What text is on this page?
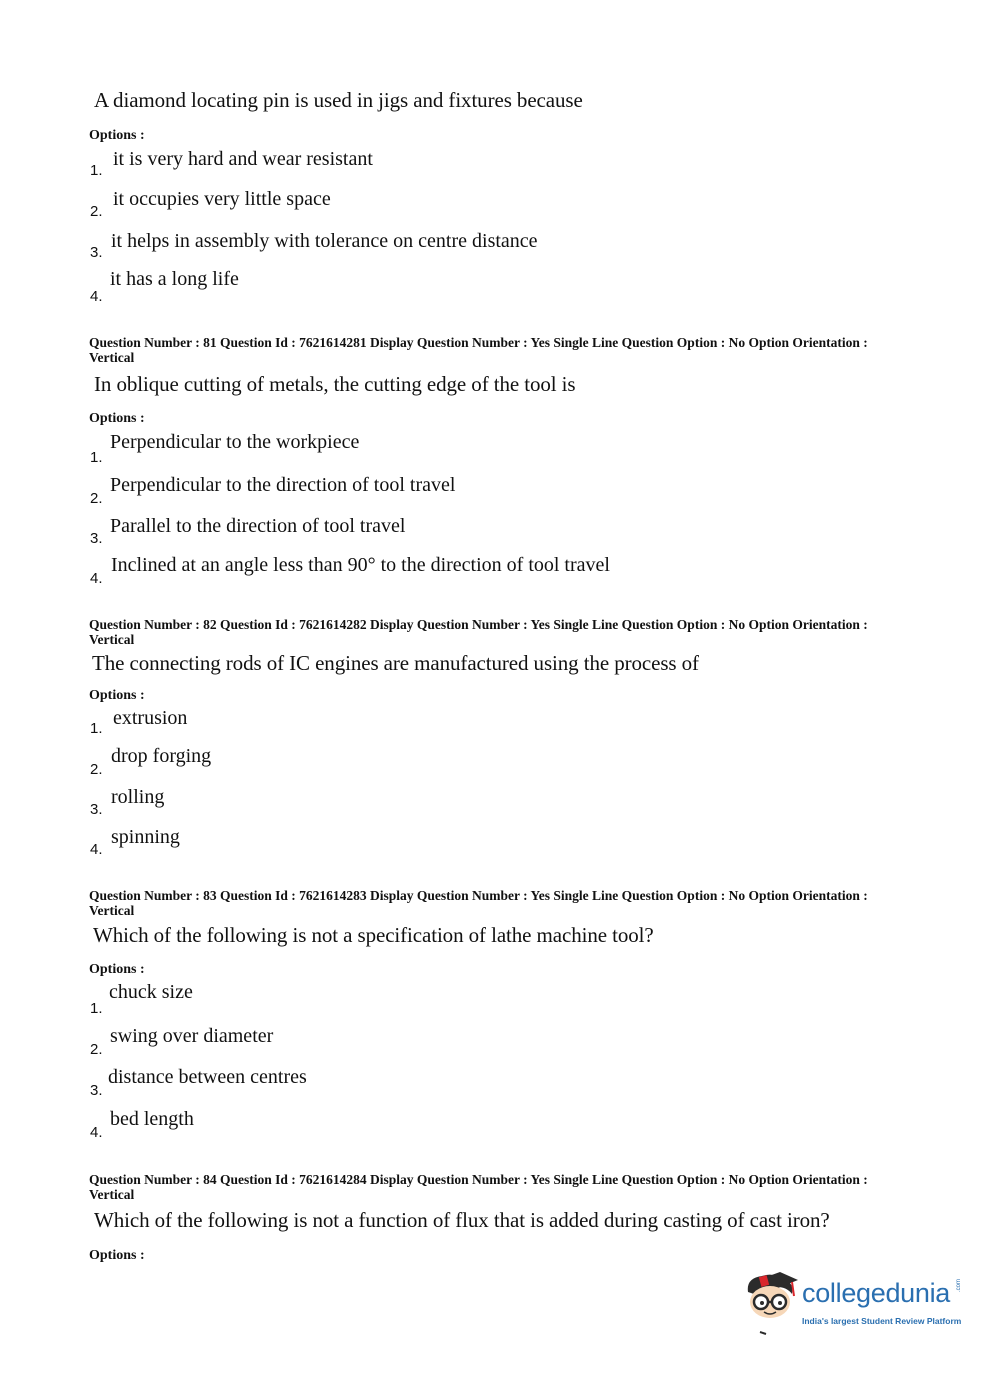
A diamond locating pin is used in jigs and fixtures because
Options :
1.
it is very hard and wear resistant
2.
it occupies very little space
3.
it helps in assembly with tolerance on centre distance
4.
it has a long life
Question Number : 81 Question Id : 7621614281 Display Question Number : Yes Single Line Question Option : No Option Orientation : Vertical
In oblique cutting of metals, the cutting edge of the tool is
Options :
1.
Perpendicular to the workpiece
2.
Perpendicular to the direction of tool travel
3.
Parallel to the direction of tool travel
4.
Inclined at an angle less than 90° to the direction of tool travel
Question Number : 82 Question Id : 7621614282 Display Question Number : Yes Single Line Question Option : No Option Orientation : Vertical
The connecting rods of IC engines are manufactured using the process of
Options :
1. extrusion
2.
drop forging
3.
rolling
4.
spinning
Question Number : 83 Question Id : 7621614283 Display Question Number : Yes Single Line Question Option : No Option Orientation : Vertical
Which of the following is not a specification of lathe machine tool?
Options :
1.
chuck size
2.
swing over diameter
3.
distance between centres
4.
bed length
Question Number : 84 Question Id : 7621614284 Display Question Number : Yes Single Line Question Option : No Option Orientation : Vertical
Which of the following is not a function of flux that is added during casting of cast iron?
Options :
collegedunia .com
India's largest Student Review Platform
